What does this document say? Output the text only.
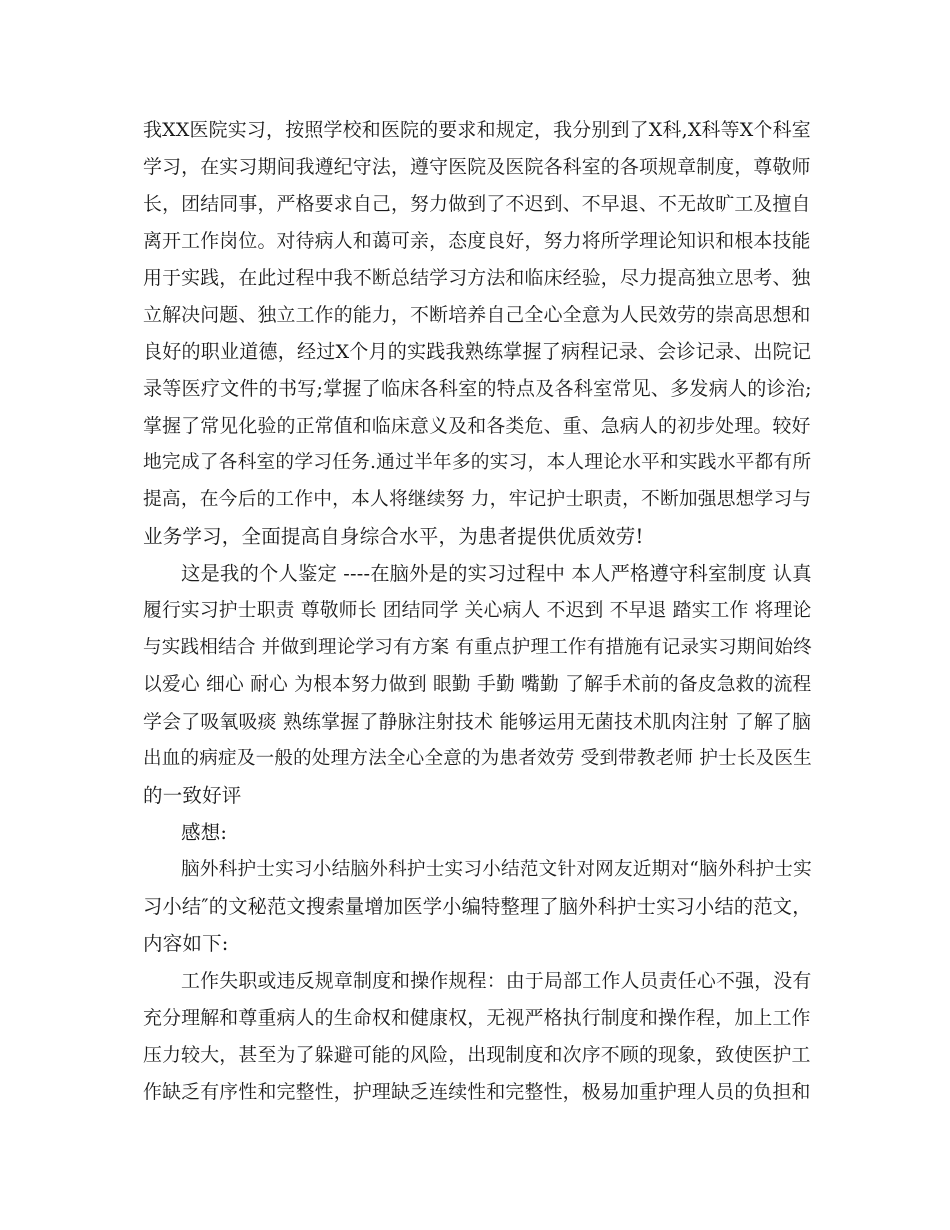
我XX医院实习，按照学校和医院的要求和规定，我分别到了X科,X科等X个科室
学习，在实习期间我遵纪守法，遵守医院及医院各科室的各项规章制度，尊敬师
长，团结同事，严格要求自己，努力做到了不迟到、不早退、不无故旷工及擅自
离开工作岗位。对待病人和蔼可亲，态度良好，努力将所学理论知识和根本技能
用于实践，在此过程中我不断总结学习方法和临床经验，尽力提高独立思考、独
立解决问题、独立工作的能力，不断培养自己全心全意为人民效劳的崇高思想和
良好的职业道德，经过X个月的实践我熟练掌握了病程记录、会诊记录、出院记
录等医疗文件的书写;掌握了临床各科室的特点及各科室常见、多发病人的诊治;
掌握了常见化验的正常值和临床意义及和各类危、重、急病人的初步处理。较好
地完成了各科室的学习任务.通过半年多的实习，本人理论水平和实践水平都有所
提高，在今后的工作中，本人将继续努 力，牢记护士职责，不断加强思想学习与
业务学习，全面提高自身综合水平，为患者提供优质效劳!
这是我的个人鉴定 ----在脑外是的实习过程中 本人严格遵守科室制度 认真
履行实习护士职责 尊敬师长 团结同学 关心病人 不迟到 不早退 踏实工作 将理论
与实践相结合 并做到理论学习有方案 有重点护理工作有措施有记录实习期间始终
以爱心 细心 耐心 为根本努力做到 眼勤 手勤 嘴勤 了解手术前的备皮急救的流程
学会了吸氧吸痰 熟练掌握了静脉注射技术 能够运用无菌技术肌肉注射 了解了脑
出血的病症及一般的处理方法全心全意的为患者效劳 受到带教老师 护士长及医生
的一致好评
感想:
脑外科护士实习小结脑外科护士实习小结范文针对网友近期对“脑外科护士实
习小结″的文秘范文搜索量增加医学小编特整理了脑外科护士实习小结的范文，
内容如下:
工作失职或违反规章制度和操作规程：由于局部工作人员责任心不强，没有
充分理解和尊重病人的生命权和健康权，无视严格执行制度和操作程，加上工作
压力较大，甚至为了躲避可能的风险，出现制度和次序不顾的现象，致使医护工
作缺乏有序性和完整性，护理缺乏连续性和完整性，极易加重护理人员的负担和
